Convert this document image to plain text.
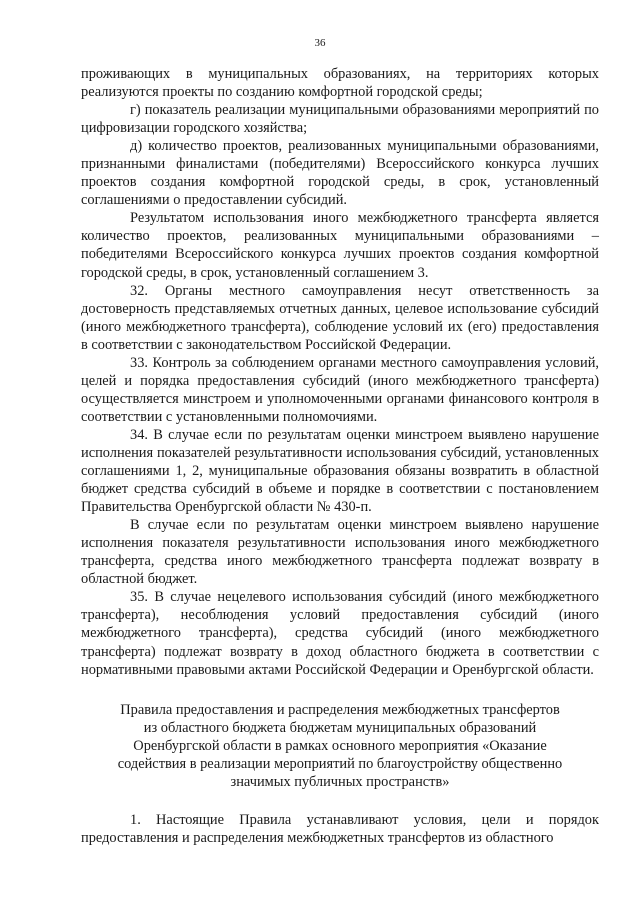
36

проживающих в муниципальных образованиях, на территориях которых реализуются проекты по созданию комфортной городской среды;

г) показатель реализации муниципальными образованиями мероприятий по цифровизации городского хозяйства;

д) количество проектов, реализованных муниципальными образованиями, признанными финалистами (победителями) Всероссийского конкурса лучших проектов создания комфортной городской среды, в срок, установленный соглашениями о предоставлении субсидий.

Результатом использования иного межбюджетного трансферта является количество проектов, реализованных муниципальными образованиями – победителями Всероссийского конкурса лучших проектов создания комфортной городской среды, в срок, установленный соглашением 3.

32. Органы местного самоуправления несут ответственность за достоверность представляемых отчетных данных, целевое использование субсидий (иного межбюджетного трансферта), соблюдение условий их (его) предоставления в соответствии с законодательством Российской Федерации.

33. Контроль за соблюдением органами местного самоуправления условий, целей и порядка предоставления субсидий (иного межбюджетного трансферта) осуществляется минстроем и уполномоченными органами финансового контроля в соответствии с установленными полномочиями.

34. В случае если по результатам оценки минстроем выявлено нарушение исполнения показателей результативности использования субсидий, установленных соглашениями 1, 2, муниципальные образования обязаны возвратить в областной бюджет средства субсидий в объеме и порядке в соответствии с постановлением Правительства Оренбургской области № 430-п.

В случае если по результатам оценки минстроем выявлено нарушение исполнения показателя результативности использования иного межбюджетного трансферта, средства иного межбюджетного трансферта подлежат возврату в областной бюджет.

35. В случае нецелевого использования субсидий (иного межбюджетного трансферта), несоблюдения условий предоставления субсидий (иного межбюджетного трансферта), средства субсидий (иного межбюджетного трансферта) подлежат возврату в доход областного бюджета в соответствии с нормативными правовыми актами Российской Федерации и Оренбургской области.

Правила предоставления и распределения межбюджетных трансфертов
из областного бюджета бюджетам муниципальных образований
Оренбургской области в рамках основного мероприятия «Оказание
содействия в реализации мероприятий по благоустройству общественно
значимых публичных пространств»

1. Настоящие Правила устанавливают условия, цели и порядок предоставления и распределения межбюджетных трансфертов из областного
